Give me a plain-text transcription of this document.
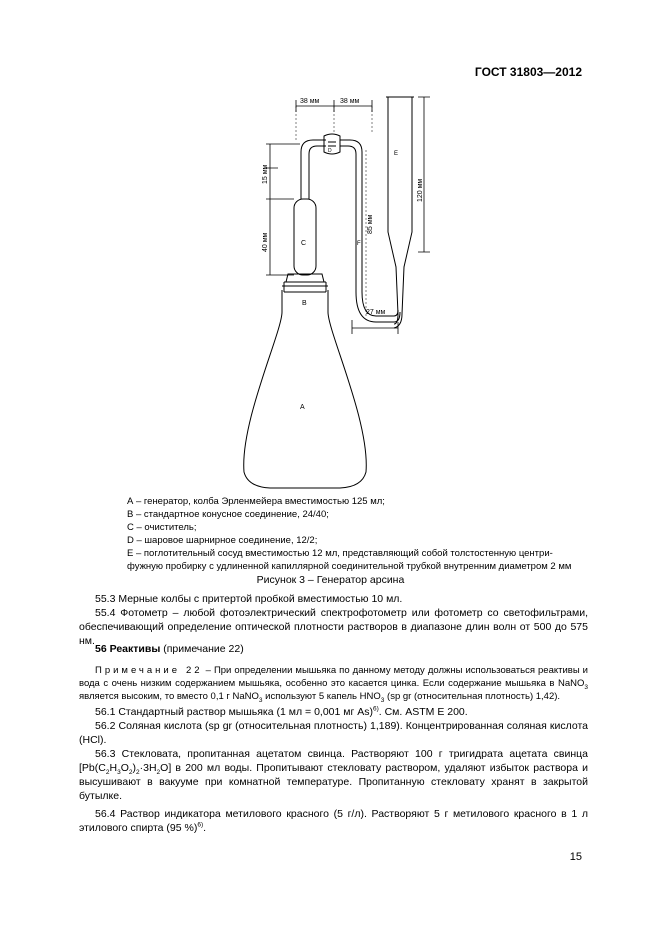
ГОСТ 31803—2012
38 мм	38 мм
15 мм
40 мм
85 мм
120 мм
27 мм
A
B
C
D	E
F
А – генератор, колба Эрленмейера вместимостью 125 мл;
В – стандартное конусное соединение, 24/40;
С – очиститель;
D – шаровое шарнирное соединение, 12/2;
Е – поглотительный сосуд вместимостью 12 мл, представляющий собой толстостенную центри-
фужную пробирку с удлиненной капиллярной соединительной трубкой внутренним диаметром 2 мм
Рисунок 3 – Генератор арсина

55.3 Мерные колбы с притертой пробкой вместимостью 10 мл.

55.4 Фотометр – любой фотоэлектрический спектрофотометр или фотометр со светофильтрами, обеспечивающий определение оптической плотности растворов в диапазоне длин волн от 500 до 575 нм.

56 Реактивы (примечание 22)
Примечание 22 – При определении мышьяка по данному методу должны использоваться реактивы и вода с очень низким содержанием мышьяка, особенно это касается цинка. Если содержание мышьяка в NaNO$_3$ является высоким, то вместо 0,1 г NaNO$_3$ используют 5 капель $HNO_3$ (sp gr (относительная плотность) 1,42).

56.1 Стандартный раствор мышьяка (1 мл = 0,001 мг As)$^{6)}$. См. ASTM E 200.

56.2 Соляная кислота (sp gr (относительная плотность) 1,189). Концентрированная соляная кислота (HCl).

56.3 Стекловата, пропитанная ацетатом свинца. Растворяют 100 г тригидрата ацетата свинца $[Pb(C_2H_3O_2)_2\cdot 3H_2O]$ в 200 мл воды. Пропитывают стекловату раствором, удаляют избыток раствора и высушивают в вакууме при комнатной температуре. Пропитанную стекловату хранят в закрытой бутылке.

56.4 Раствор индикатора метилового красного (5 г/л). Растворяют 5 г метилового красного в 1 л этилового спирта (95 %)$^{6)}$.

15
